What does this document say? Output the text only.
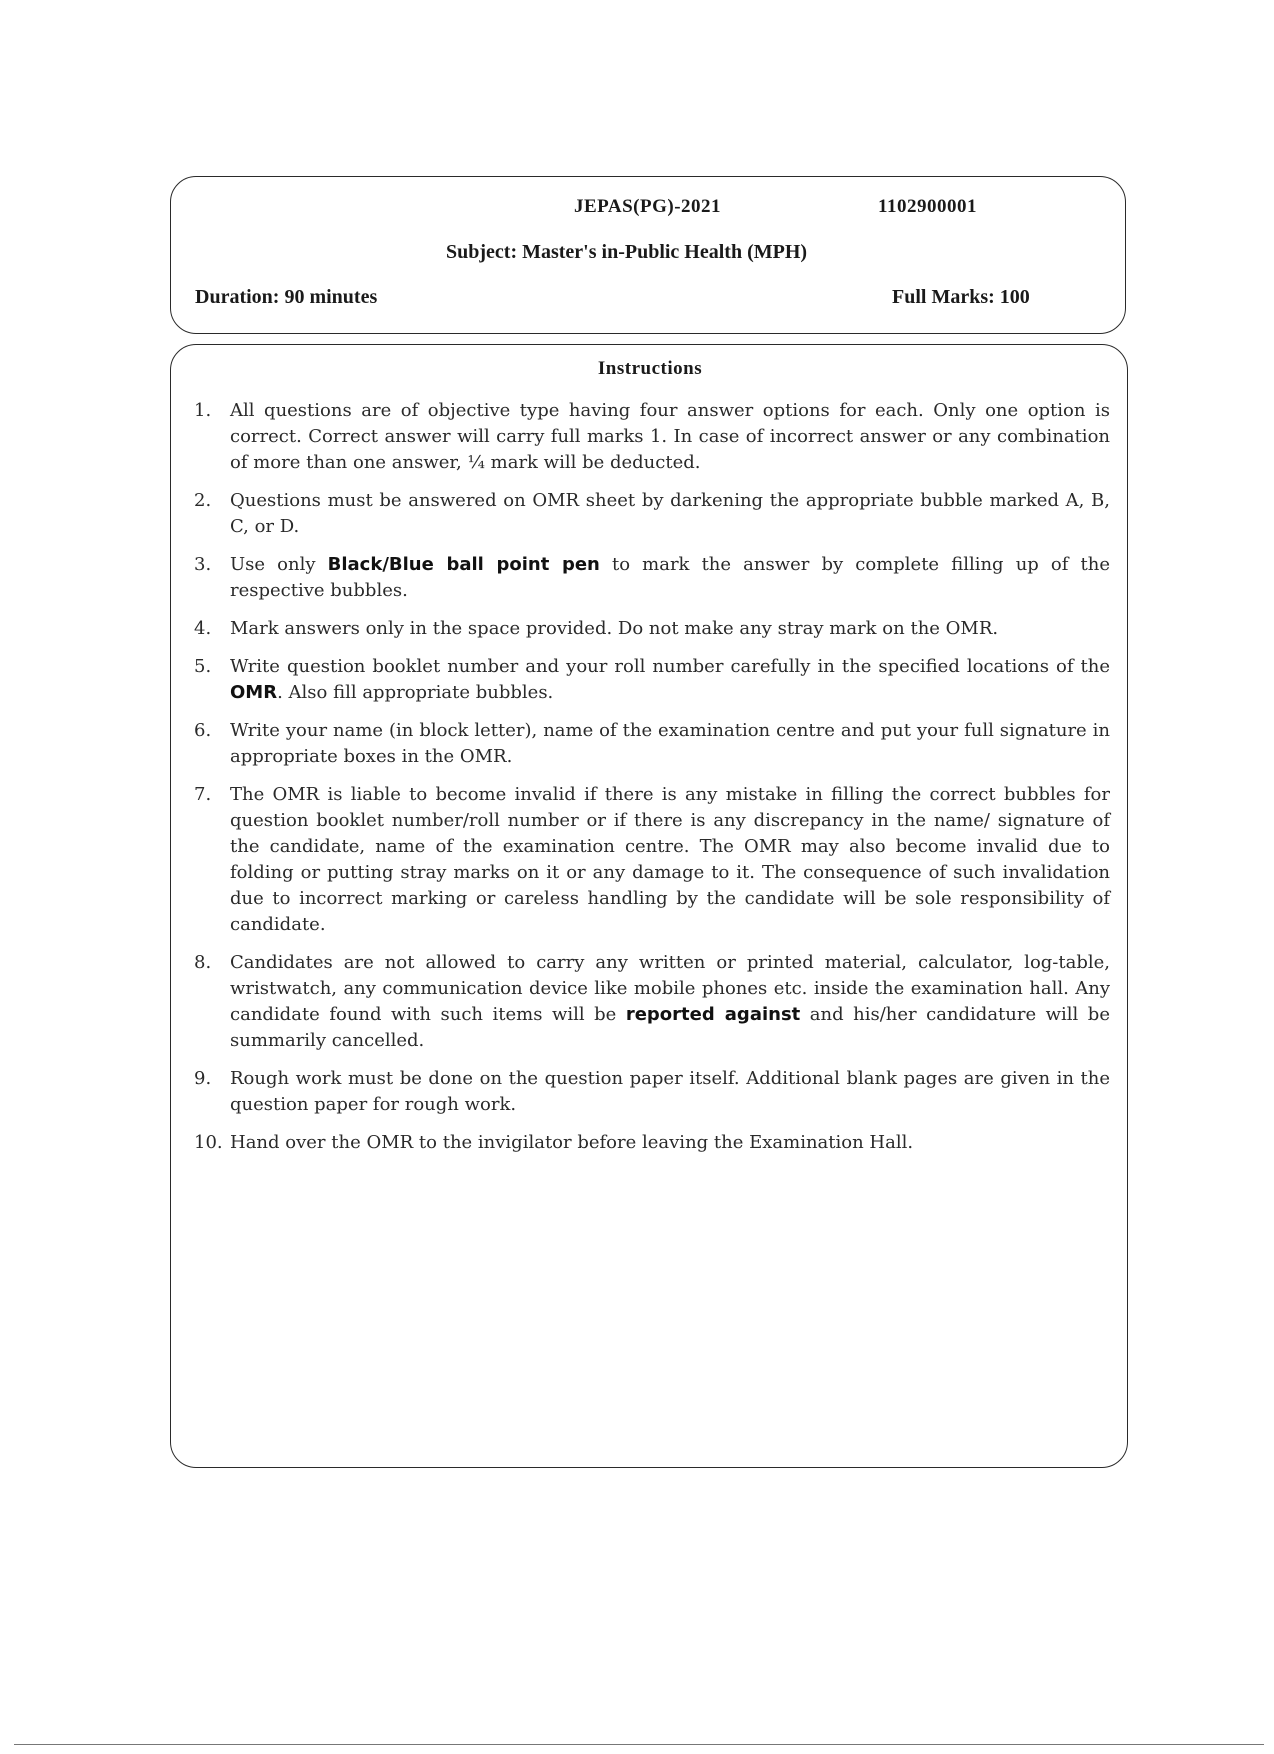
JEPAS(PG)-2021	1102900001
Subject: Master's in-Public Health (MPH)
Duration: 90 minutes	Full Marks: 100
Instructions
1.	All questions are of objective type having four answer options for each. Only one option is correct. Correct answer will carry full marks 1. In case of incorrect answer or any combination of more than one answer, ¼ mark will be deducted.
2.	Questions must be answered on OMR sheet by darkening the appropriate bubble marked A, B, C, or D.
3.	Use only Black/Blue ball point pen to mark the answer by complete filling up of the respective bubbles.
4.	Mark answers only in the space provided. Do not make any stray mark on the OMR.
5.	Write question booklet number and your roll number carefully in the specified locations of the OMR. Also fill appropriate bubbles.
6.	Write your name (in block letter), name of the examination centre and put your full signature in appropriate boxes in the OMR.
7.	The OMR is liable to become invalid if there is any mistake in filling the correct bubbles for question booklet number/roll number or if there is any discrepancy in the name/ signature of the candidate, name of the examination centre. The OMR may also become invalid due to folding or putting stray marks on it or any damage to it. The consequence of such invalidation due to incorrect marking or careless handling by the candidate will be sole responsibility of candidate.
8.	Candidates are not allowed to carry any written or printed material, calculator, log-table, wristwatch, any communication device like mobile phones etc. inside the examination hall. Any candidate found with such items will be reported against and his/her candidature will be summarily cancelled.
9.	Rough work must be done on the question paper itself. Additional blank pages are given in the question paper for rough work.
10. Hand over the OMR to the invigilator before leaving the Examination Hall.
